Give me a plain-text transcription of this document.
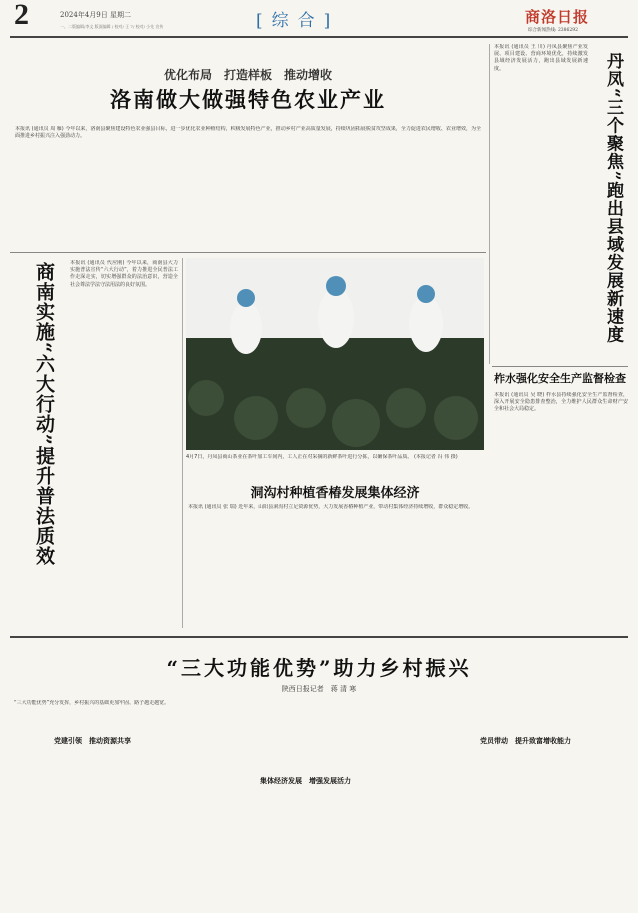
2	2024年4月9日 星期二
一、二版编辑/李文 版面编辑 / 校对/ 王 7/ 校对/ 小先 宣传	[综合]	商洛日报
综合新闻热线: 2386292
优化布局　打造样板　推动增收
洛南做大做强特色农业产业
本报讯 (通讯员 周 雁) 今年以来，洛南县聚焦建设特色农业强县目标，进一步优化农业种植结构，积极发展特色产业，推动乡村产业高质量发展，持续巩固拓展脱贫攻坚成果，全力促进农民增收、农业增效，为全面推进乡村振兴注入强劲动力。
本报讯 (通讯员 王 川) 丹凤县聚焦产业发展、项目建设、营商环境优化，持续激发县域经济发展活力，跑出县域发展新速度。	丹凤“三个聚焦”跑出县域发展新速度
柞水强化安全生产监督检查
本报讯 (通讯员 吴 晓) 柞水县持续强化安全生产监督检查，深入开展安全隐患排查整治，全力维护人民群众生命财产安全和社会大局稳定。
商南实施“六大行动”提升普法质效	本报讯 (通讯员 代应刚) 今年以来，商南县大力实施普法宣传“六大行动”，着力推进全民普法工作走深走实，切实增强群众的法治意识，营造全社会尊法学法守法用法的良好氛围。
4月7日，丹凤县商山茶业在茶叶加工车间内，工人正在对采摘的新鲜茶叶进行分拣，以确保茶叶品质。 (本报记者 冯 伟 摄)
洞沟村种植香椿发展集体经济
本报讯 (通讯员 张 瑞) 近年来，山阳县洞沟村立足资源优势，大力发展香椿种植产业，带动村集体经济持续增收，群众稳定增收。
“三大功能优势”助力乡村振兴
陕西日报记者　蒋 清 寒
“三大功能优势”充分发挥，乡村振兴的基础更加牢固、路子越走越宽。
党建引领　推动资源共享
集体经济发展　增强发展活力
党员带动　提升致富增收能力
